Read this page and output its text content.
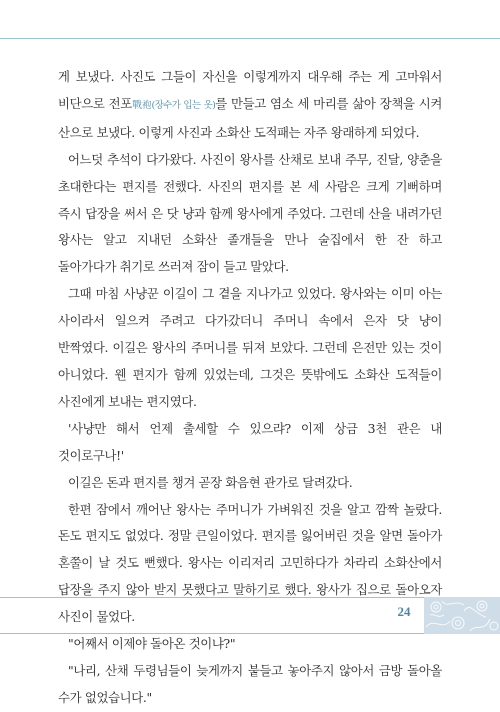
게 보냈다. 사진도 그들이 자신을 이렇게까지 대우해 주는 게 고마워서 비단으로 전포戰袍(장수가 입는 옷)를 만들고 염소 세 마리를 삶아 장책을 시켜 산으로 보냈다. 이렇게 사진과 소화산 도적패는 자주 왕래하게 되었다.

어느덧 추석이 다가왔다. 사진이 왕사를 산채로 보내 주무, 진달, 양춘을 초대한다는 편지를 전했다. 사진의 편지를 본 세 사람은 크게 기뻐하며 즉시 답장을 써서 은 닷 냥과 함께 왕사에게 주었다. 그런데 산을 내려가던 왕사는 알고 지내던 소화산 졸개들을 만나 술집에서 한 잔 하고 돌아가다가 취기로 쓰러져 잠이 들고 말았다.

그때 마침 사냥꾼 이길이 그 곁을 지나가고 있었다. 왕사와는 이미 아는 사이라서 일으켜 주려고 다가갔더니 주머니 속에서 은자 닷 냥이 반짝였다. 이길은 왕사의 주머니를 뒤져 보았다. 그런데 은전만 있는 것이 아니었다. 웬 편지가 함께 있었는데, 그것은 뜻밖에도 소화산 도적들이 사진에게 보내는 편지였다.

'사냥만 해서 언제 출세할 수 있으랴? 이제 상금 3천 관은 내 것이로구나!'

이길은 돈과 편지를 챙겨 곧장 화음현 관가로 달려갔다.

한편 잠에서 깨어난 왕사는 주머니가 가벼워진 것을 알고 깜짝 놀랐다. 돈도 편지도 없었다. 정말 큰일이었다. 편지를 잃어버린 것을 알면 돌아가 혼쭐이 날 것도 뻔했다. 왕사는 이리저리 고민하다가 차라리 소화산에서 답장을 주지 않아 받지 못했다고 말하기로 했다. 왕사가 집으로 돌아오자 사진이 물었다.

"어째서 이제야 돌아온 것이냐?"

"나리, 산채 두령님들이 늦게까지 붙들고 놓아주지 않아서 금방 돌아올 수가 없었습니다."

24
